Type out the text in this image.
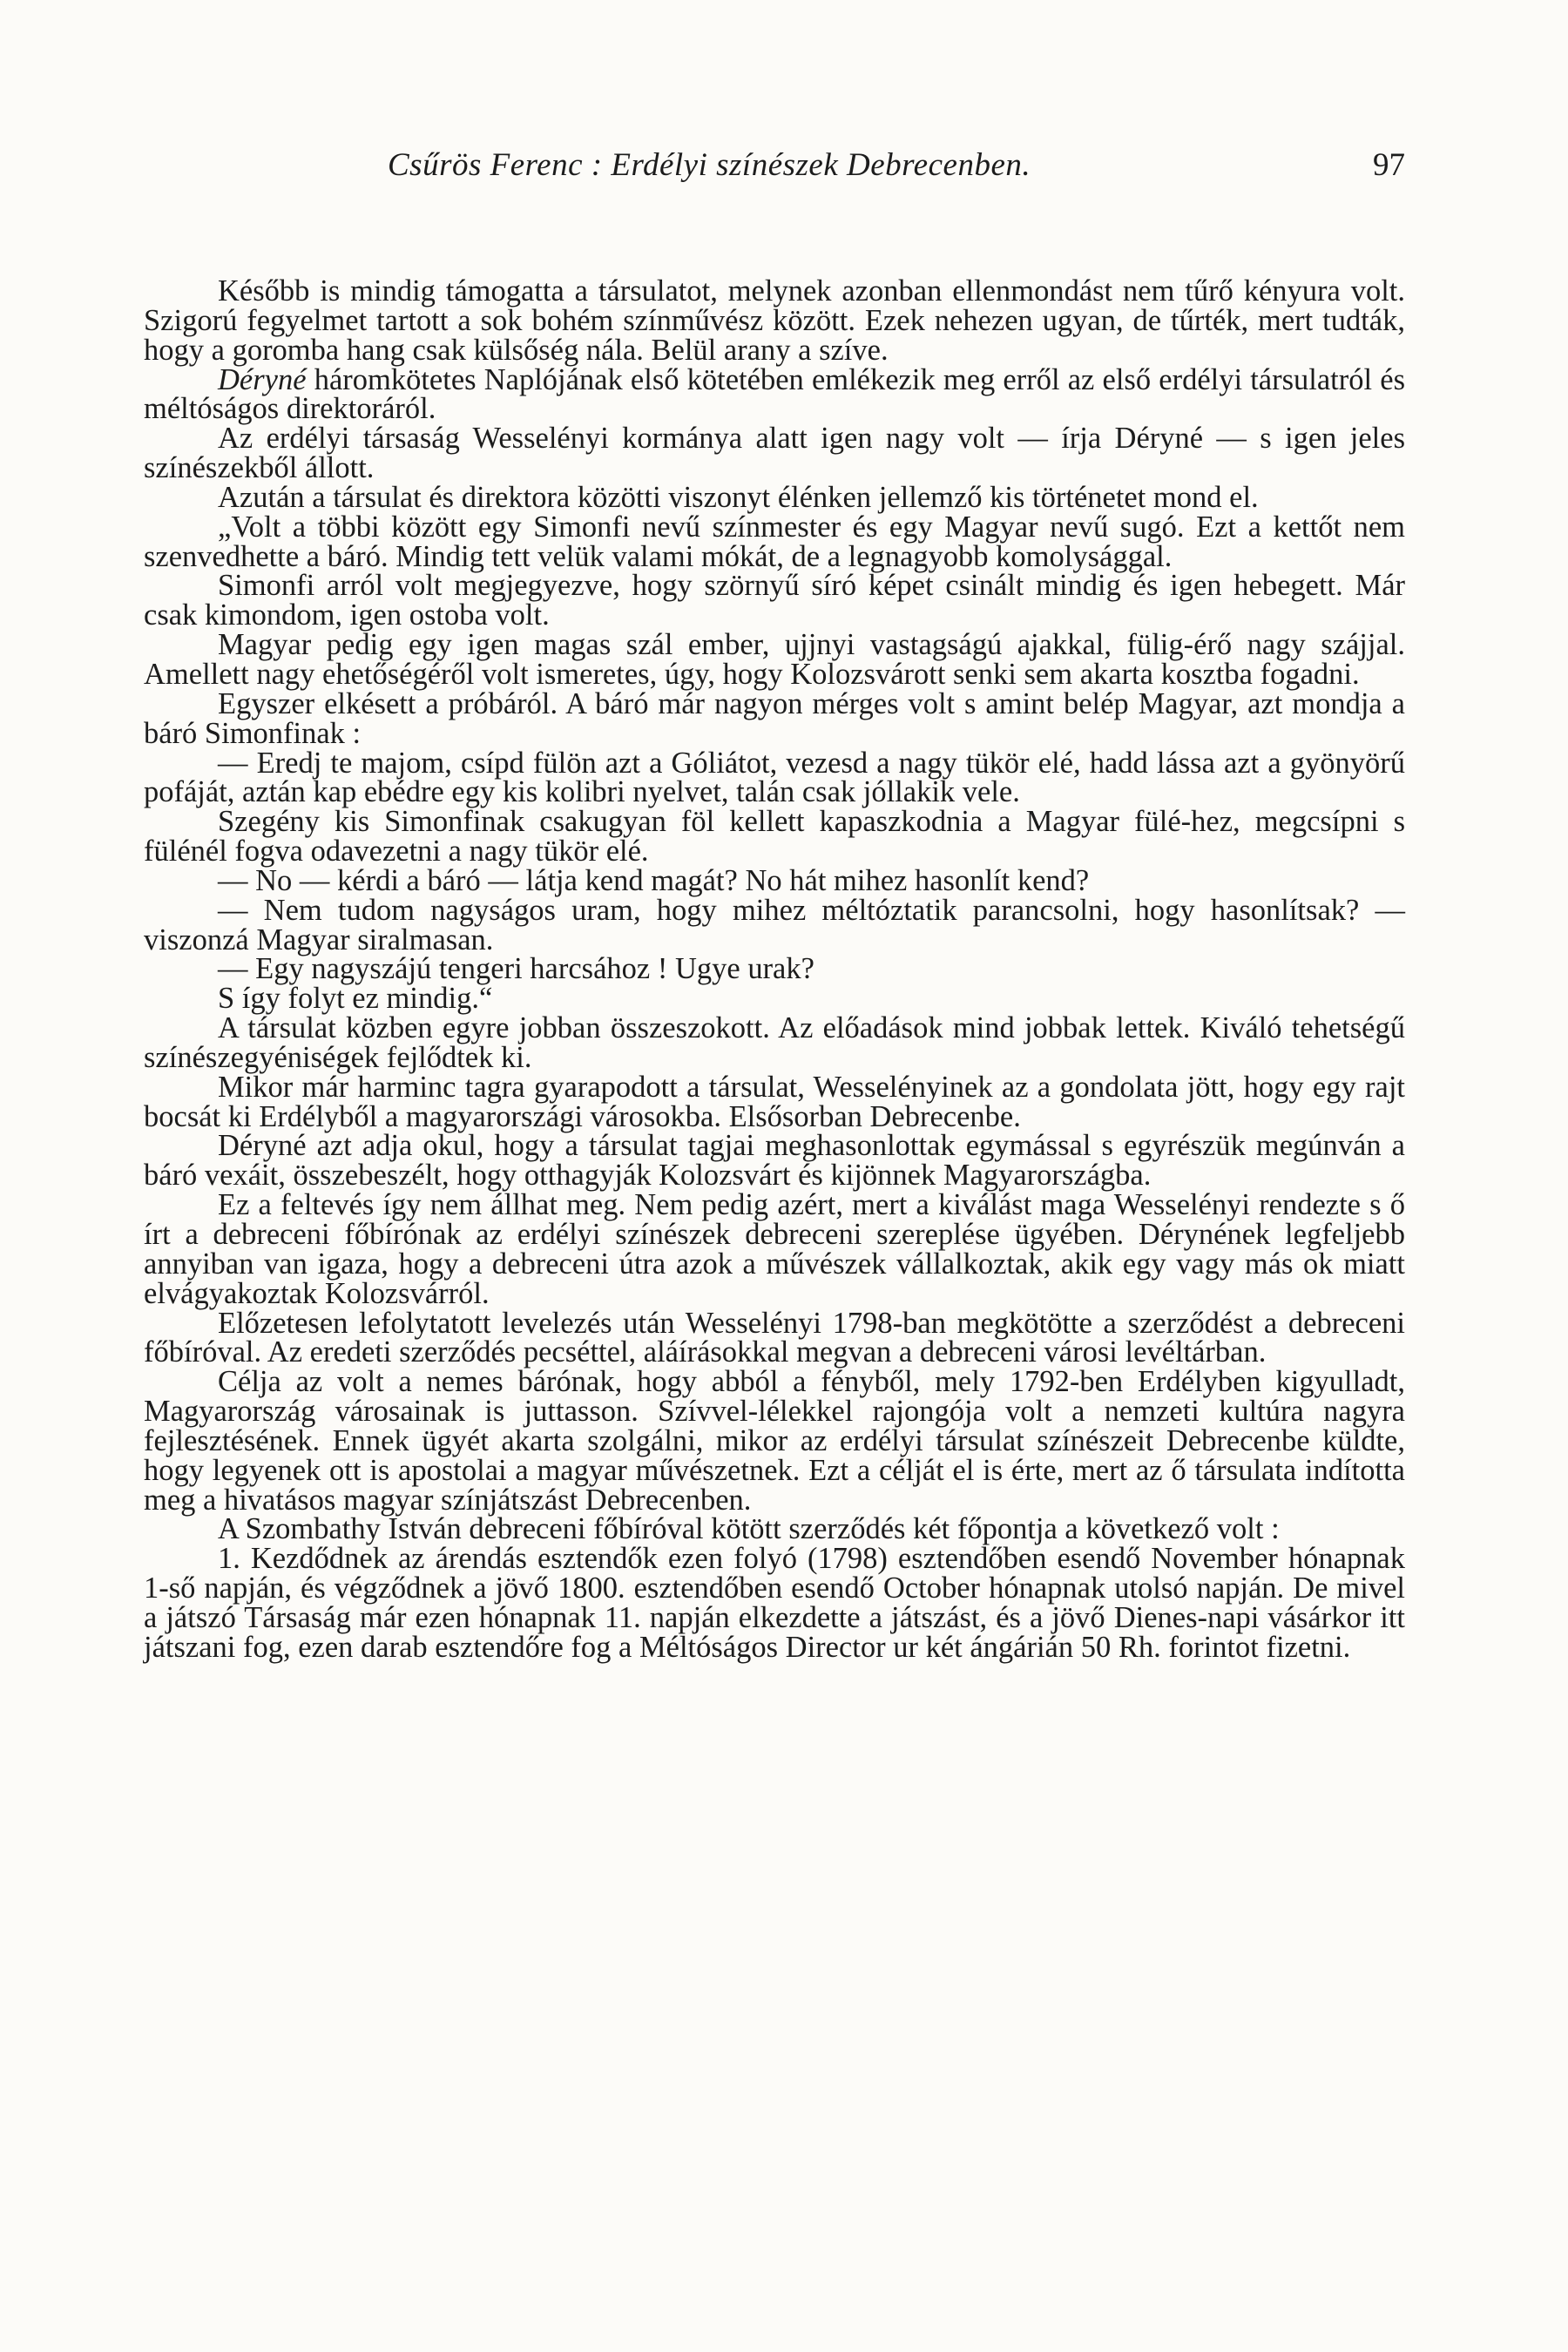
Csűrös Ferenc : Erdélyi színészek Debrecenben.	97

Később is mindig támogatta a társulatot, melynek azonban ellenmondást nem tűrő kényura volt. Szigorú fegyelmet tartott a sok bohém színművész között. Ezek nehezen ugyan, de tűrték, mert tudták, hogy a goromba hang csak külsőség nála. Belül arany a szíve.

Déryné háromkötetes Naplójának első kötetében emlékezik meg erről az első erdélyi társulatról és méltóságos direktoráról.

Az erdélyi társaság Wesselényi kormánya alatt igen nagy volt — írja Déryné — s igen jeles színészekből állott.

Azután a társulat és direktora közötti viszonyt élénken jellemző kis történetet mond el.

„Volt a többi között egy Simonfi nevű színmester és egy Magyar nevű sugó. Ezt a kettőt nem szenvedhette a báró. Mindig tett velük valami mókát, de a legnagyobb komolysággal.

Simonfi arról volt megjegyezve, hogy szörnyű síró képet csinált mindig és igen hebegett. Már csak kimondom, igen ostoba volt.

Magyar pedig egy igen magas szál ember, ujjnyi vastagságú ajakkal, fülig-érő nagy szájjal. Amellett nagy ehetőségéről volt ismeretes, úgy, hogy Kolozsvárott senki sem akarta kosztba fogadni.

Egyszer elkésett a próbáról. A báró már nagyon mérges volt s amint belép Magyar, azt mondja a báró Simonfinak :

— Eredj te majom, csípd fülön azt a Góliátot, vezesd a nagy tükör elé, hadd lássa azt a gyönyörű pofáját, aztán kap ebédre egy kis kolibri nyelvet, talán csak jóllakik vele.

Szegény kis Simonfinak csakugyan föl kellett kapaszkodnia a Magyar fülé-hez, megcsípni s fülénél fogva odavezetni a nagy tükör elé.

— No — kérdi a báró — látja kend magát? No hát mihez hasonlít kend?

— Nem tudom nagyságos uram, hogy mihez méltóztatik parancsolni, hogy hasonlítsak? — viszonzá Magyar siralmasan.

— Egy nagyszájú tengeri harcsához ! Ugye urak?

S így folyt ez mindig.“

A társulat közben egyre jobban összeszokott. Az előadások mind jobbak lettek. Kiváló tehetségű színészegyéniségek fejlődtek ki.

Mikor már harminc tagra gyarapodott a társulat, Wesselényinek az a gondolata jött, hogy egy rajt bocsát ki Erdélyből a magyarországi városokba. Elsősorban Debrecenbe.

Déryné azt adja okul, hogy a társulat tagjai meghasonlottak egymással s egyrészük megúnván a báró vexáit, összebeszélt, hogy otthagyják Kolozsvárt és kijönnek Magyarországba.

Ez a feltevés így nem állhat meg. Nem pedig azért, mert a kiválást maga Wesselényi rendezte s ő írt a debreceni főbírónak az erdélyi színészek debreceni szereplése ügyében. Dérynének legfeljebb annyiban van igaza, hogy a debreceni útra azok a művészek vállalkoztak, akik egy vagy más ok miatt elvágyakoztak Kolozsvárról.

Előzetesen lefolytatott levelezés után Wesselényi 1798-ban megkötötte a szerződést a debreceni főbíróval. Az eredeti szerződés pecséttel, aláírásokkal megvan a debreceni városi levéltárban.

Célja az volt a nemes bárónak, hogy abból a fényből, mely 1792-ben Erdélyben kigyulladt, Magyarország városainak is juttasson. Szívvel-lélekkel rajongója volt a nemzeti kultúra nagyra fejlesztésének. Ennek ügyét akarta szolgálni, mikor az erdélyi társulat színészeit Debrecenbe küldte, hogy legyenek ott is apostolai a magyar művészetnek. Ezt a célját el is érte, mert az ő társulata indította meg a hivatásos magyar színjátszást Debrecenben.

A Szombathy István debreceni főbíróval kötött szerződés két főpontja a következő volt :

1. Kezdődnek az árendás esztendők ezen folyó (1798) esztendőben esendő November hónapnak 1-ső napján, és végződnek a jövő 1800. esztendőben esendő October hónapnak utolsó napján. De mivel a játszó Társaság már ezen hónapnak 11. napján elkezdette a játszást, és a jövő Dienes-napi vásárkor itt játszani fog, ezen darab esztendőre fog a Méltóságos Director ur két ángárián 50 Rh. forintot fizetni.
